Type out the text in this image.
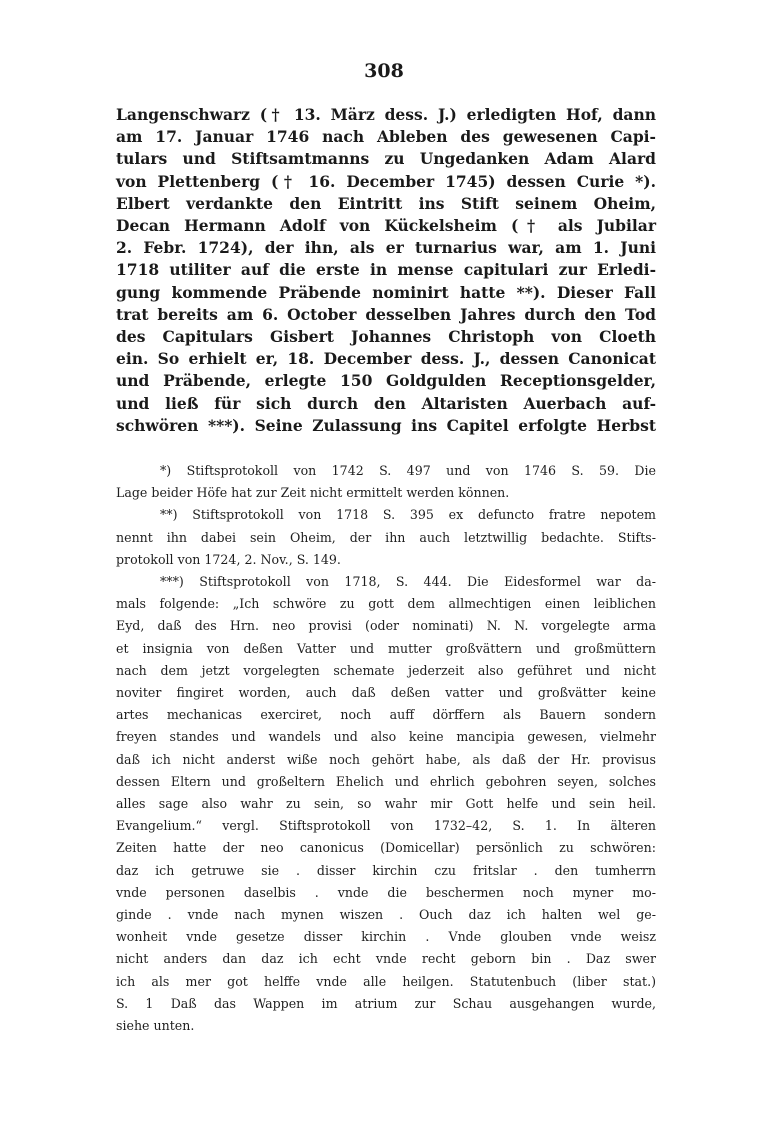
308
Langenschwarz († 13. März dess. J.) erledigten Hof, dann
am 17. Januar 1746 nach Ableben des gewesenen Capi-
tulars und Stiftsamtmanns zu Ungedanken Adam Alard
von Plettenberg († 16. December 1745) dessen Curie *).
Elbert verdankte den Eintritt ins Stift seinem Oheim,
Decan Hermann Adolf von Kückelsheim († als Jubilar
2. Febr. 1724), der ihn, als er turnarius war, am 1. Juni
1718 utiliter auf die erste in mense capitulari zur Erledi-
gung kommende Präbende nominirt hatte **). Dieser Fall
trat bereits am 6. October desselben Jahres durch den Tod
des Capitulars Gisbert Johannes Christoph von Cloeth
ein. So erhielt er, 18. December dess. J., dessen Canonicat
und Präbende, erlegte 150 Goldgulden Receptionsgelder,
und ließ für sich durch den Altaristen Auerbach auf-
schwören ***). Seine Zulassung ins Capitel erfolgte Herbst
*) Stiftsprotokoll von 1742 S. 497 und von 1746 S. 59. Die
Lage beider Höfe hat zur Zeit nicht ermittelt werden können.
**) Stiftsprotokoll von 1718 S. 395 ex defuncto fratre nepotem
nennt ihn dabei sein Oheim, der ihn auch letztwillig bedachte. Stifts-
protokoll von 1724, 2. Nov., S. 149.
***) Stiftsprotokoll von 1718, S. 444. Die Eidesformel war da-
mals folgende: „Ich schwöre zu gott dem allmechtigen einen leiblichen
Eyd, daß des Hrn. neo provisi (oder nominati) N. N. vorgelegte arma
et insignia von deßen Vatter und mutter großvättern und großmüttern
nach dem jetzt vorgelegten schemate jederzeit also geführet und nicht
noviter fingiret worden, auch daß deßen vatter und großvätter keine
artes mechanicas exerciret, noch auff dörffern als Bauern sondern
freyen standes und wandels und also keine mancipia gewesen, vielmehr
daß ich nicht anderst wiße noch gehört habe, als daß der Hr. provisus
dessen Eltern und großeltern Ehelich und ehrlich gebohren seyen, solches
alles sage also wahr zu sein, so wahr mir Gott helfe und sein heil.
Evangelium.“ vergl. Stiftsprotokoll von 1732–42, S. 1. In älteren
Zeiten hatte der neo canonicus (Domicellar) persönlich zu schwören:
daz ich getruwe sie . disser kirchin czu fritslar . den tumherrn
vnde personen daselbis . vnde die beschermen noch myner mo-
ginde . vnde nach mynen wiszen . Ouch daz ich halten wel ge-
wonheit vnde gesetze disser kirchin . Vnde glouben vnde weisz
nicht anders dan daz ich echt vnde recht geborn bin . Daz swer
ich als mer got helffe vnde alle heilgen. Statutenbuch (liber stat.)
S. 1 Daß das Wappen im atrium zur Schau ausgehangen wurde,
siehe unten.
